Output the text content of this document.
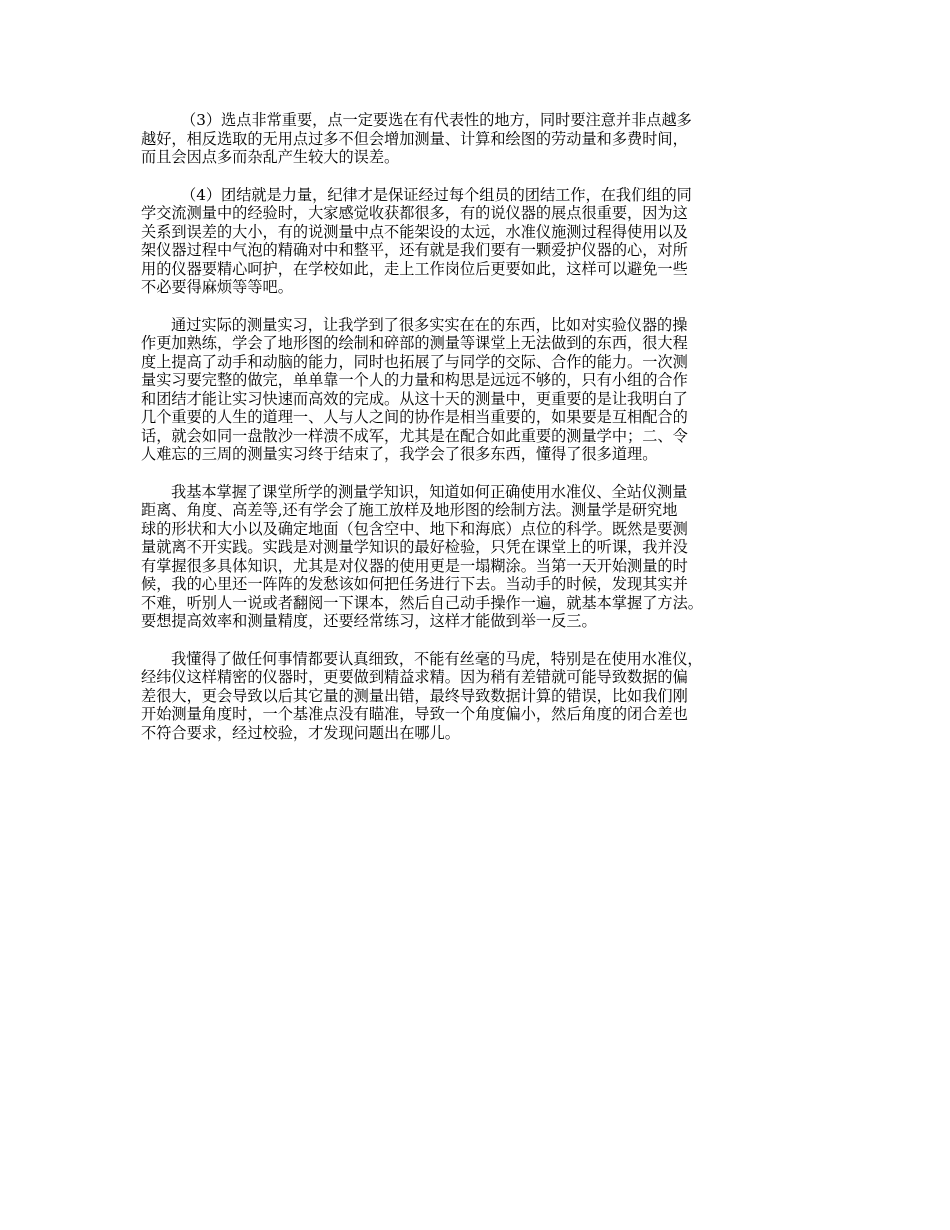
（3）选点非常重要，点一定要选在有代表性的地方，同时要注意并非点越多
越好，相反选取的无用点过多不但会增加测量、计算和绘图的劳动量和多费时间，
而且会因点多而杂乱产生较大的误差。
（4）团结就是力量，纪律才是保证经过每个组员的团结工作，在我们组的同
学交流测量中的经验时，大家感觉收获都很多，有的说仪器的展点很重要，因为这
关系到误差的大小，有的说测量中点不能架设的太远，水准仪施测过程得使用以及
架仪器过程中气泡的精确对中和整平，还有就是我们要有一颗爱护仪器的心，对所
用的仪器要精心呵护，在学校如此，走上工作岗位后更要如此，这样可以避免一些
不必要得麻烦等等吧。
通过实际的测量实习，让我学到了很多实实在在的东西，比如对实验仪器的操
作更加熟练，学会了地形图的绘制和碎部的测量等课堂上无法做到的东西，很大程
度上提高了动手和动脑的能力，同时也拓展了与同学的交际、合作的能力。一次测
量实习要完整的做完，单单靠一个人的力量和构思是远远不够的，只有小组的合作
和团结才能让实习快速而高效的完成。从这十天的测量中，更重要的是让我明白了
几个重要的人生的道理一、人与人之间的协作是相当重要的，如果要是互相配合的
话，就会如同一盘散沙一样溃不成军，尤其是在配合如此重要的测量学中；二、令
人难忘的三周的测量实习终于结束了，我学会了很多东西，懂得了很多道理。
我基本掌握了课堂所学的测量学知识，知道如何正确使用水准仪、全站仪测量
距离、角度、高差等,还有学会了施工放样及地形图的绘制方法。测量学是研究地
球的形状和大小以及确定地面（包含空中、地下和海底）点位的科学。既然是要测
量就离不开实践。实践是对测量学知识的最好检验，只凭在课堂上的听课，我并没
有掌握很多具体知识，尤其是对仪器的使用更是一塌糊涂。当第一天开始测量的时
候，我的心里还一阵阵的发愁该如何把任务进行下去。当动手的时候，发现其实并
不难，听别人一说或者翻阅一下课本，然后自己动手操作一遍，就基本掌握了方法。
要想提高效率和测量精度，还要经常练习，这样才能做到举一反三。
我懂得了做任何事情都要认真细致，不能有丝毫的马虎，特别是在使用水准仪，
经纬仪这样精密的仪器时，更要做到精益求精。因为稍有差错就可能导致数据的偏
差很大，更会导致以后其它量的测量出错，最终导致数据计算的错误，比如我们刚
开始测量角度时，一个基准点没有瞄准，导致一个角度偏小，然后角度的闭合差也
不符合要求，经过校验，才发现问题出在哪儿。
